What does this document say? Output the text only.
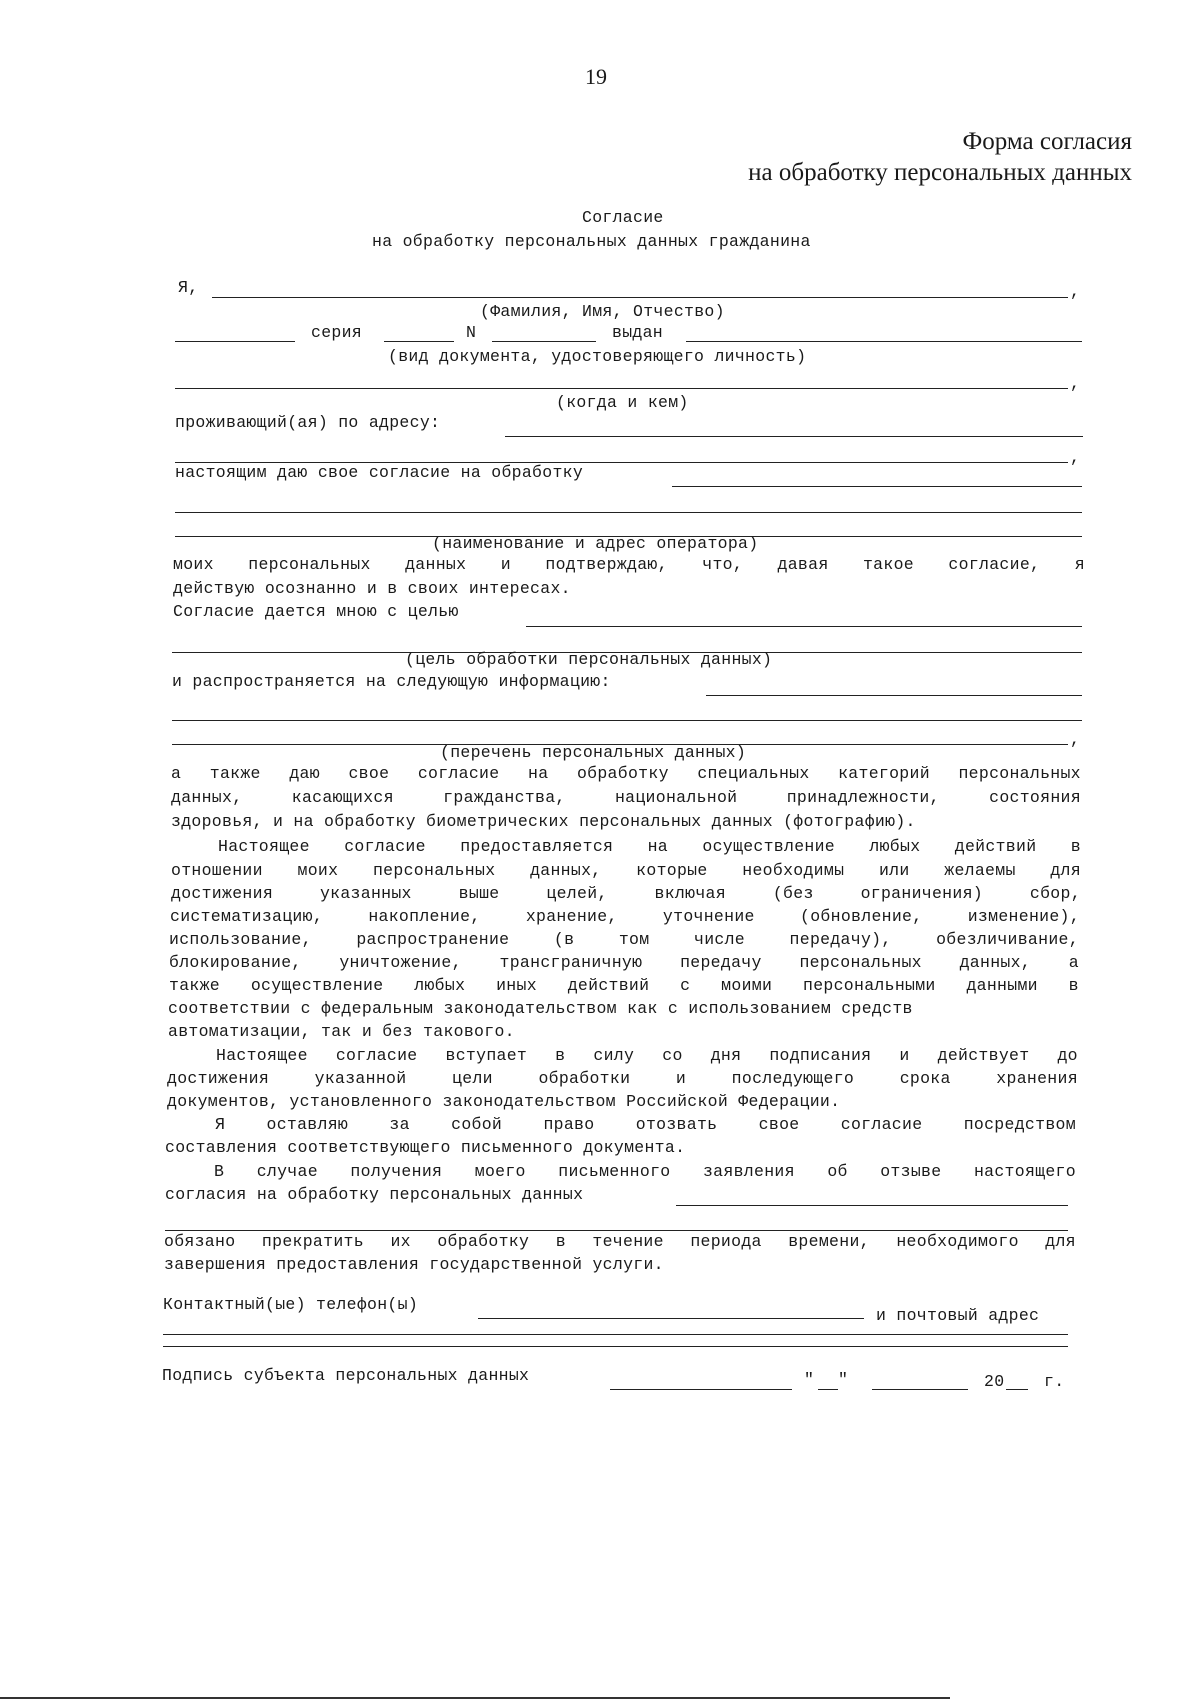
19
Форма согласия
на обработку персональных данных
Согласие
на обработку персональных данных гражданина
Я,	,
(Фамилия, Имя, Отчество)
серия	N	выдан
(вид документа, удостоверяющего личность)
,
(когда и кем)
проживающий(ая) по адресу:
,
настоящим даю свое согласие на обработку
(наименование и адрес оператора)
моих персональных данных и подтверждаю, что, давая такое согласие, я
действую осознанно и в своих интересах.
Согласие дается мною с целью
(цель обработки персональных данных)
и распространяется на следующую информацию:
,
(перечень персональных данных)
а также даю свое согласие на обработку специальных категорий персональных
данных,	касающихся	гражданства,	национальной	принадлежности,	состояния
здоровья, и на обработку биометрических персональных данных (фотографию).
Настоящее согласие предоставляется на осуществление любых действий в
отношении моих персональных данных, которые необходимы или желаемы для
достижения	указанных	выше	целей,	включая	(без	ограничения)	сбор,
систематизацию,	накопление,	хранение,	уточнение	(обновление,	изменение),
использование,	распространение	(в	том	числе	передачу),	обезличивание,
блокирование, уничтожение, трансграничную передачу персональных данных, а
также осуществление любых иных действий с моими персональными данными в
соответствии с федеральным законодательством как с использованием средств
автоматизации, так и без такового.
Настоящее согласие вступает в силу со дня подписания и действует до
достижения	указанной	цели	обработки	и	последующего	срока	хранения
документов, установленного законодательством Российской Федерации.
Я	оставляю	за	собой	право	отозвать	свое	согласие	посредством
составления соответствующего письменного документа.
В случае получения моего письменного заявления об отзыве настоящего
согласия на обработку персональных данных
обязано прекратить их обработку в течение периода времени, необходимого для
завершения предоставления государственной услуги.
Контактный(ые) телефон(ы)
и почтовый адрес
Подпись субъекта персональных данных	" "	20 г.
